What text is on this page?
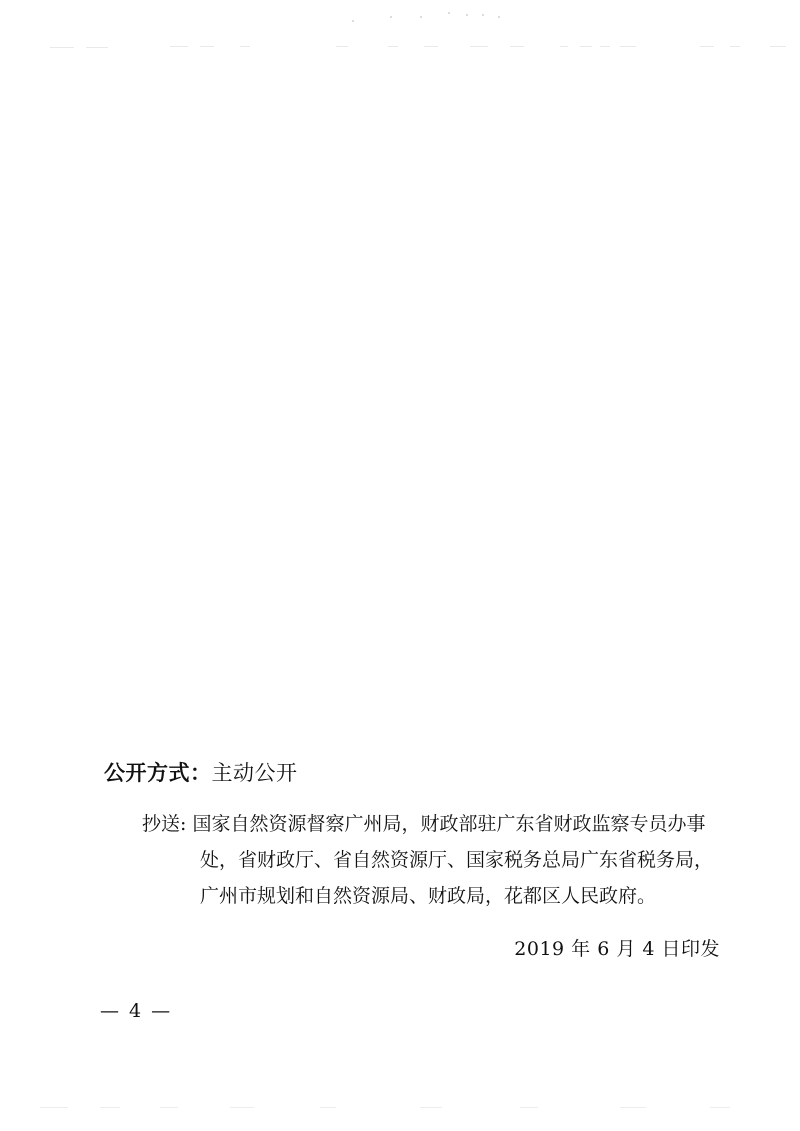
公开方式：主动公开
抄送: 国家自然资源督察广州局，财政部驻广东省财政监察专员办事
处，省财政厅、省自然资源厅、国家税务总局广东省税务局，
广州市规划和自然资源局、财政局，花都区人民政府。
2019 年 6 月 4 日印发
— 4 —
